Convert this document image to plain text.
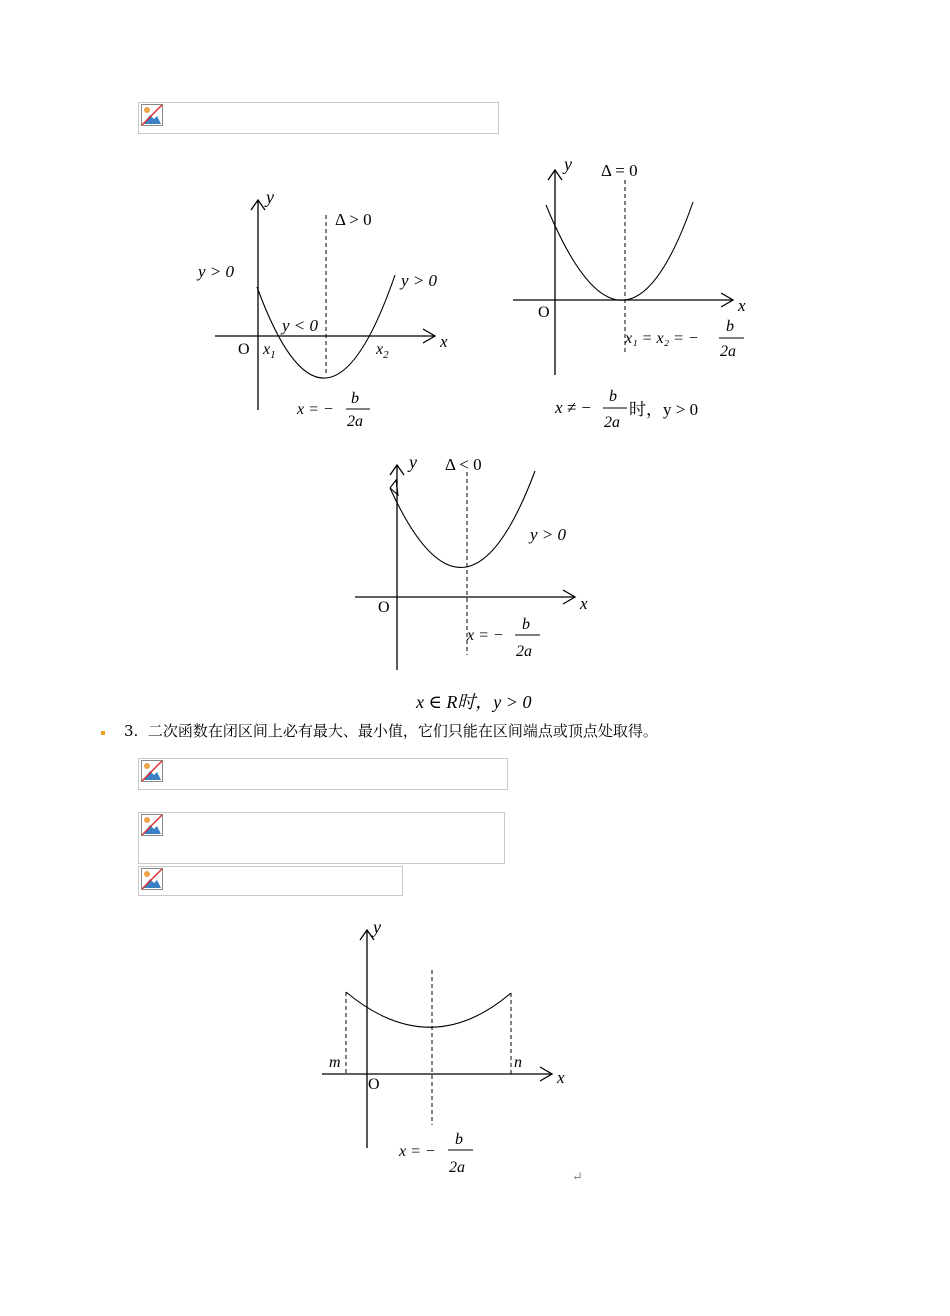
y
Δ > 0
y > 0	y > 0
y < 0
O $x_1$	$x_2$
x
x = −
b
2a
y Δ = 0
O	x
x₁ = x₂ = −
b
2a
x ≠ −
b
2a
时，y > 0
y Δ < 0
y > 0
O	x
x = −
b
2a
x ∈ R时，y > 0
3. 二次函数在闭区间上必有最大、最小值，它们只能在区间端点或顶点处取得。
y
m	n
O	x
x = −
b
2a
↵
